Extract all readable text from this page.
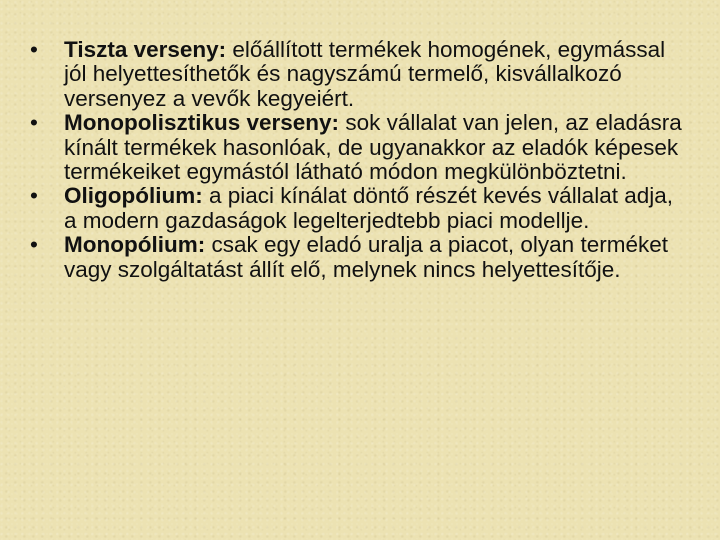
•	Tiszta verseny: előállított termékek homogének, egymással jól helyettesíthetők és nagyszámú termelő, kisvállalkozó versenyez a vevők kegyeiért.
•	Monopolisztikus verseny: sok vállalat van jelen, az eladásra kínált termékek hasonlóak, de ugyanakkor az eladók képesek termékeiket egymástól látható módon megkülönböztetni.
•	Oligopólium: a piaci kínálat döntő részét kevés vállalat adja, a modern gazdaságok legelterjedtebb piaci modellje.
•	Monopólium: csak egy eladó uralja a piacot, olyan terméket vagy szolgáltatást állít elő, melynek nincs helyettesítője.
